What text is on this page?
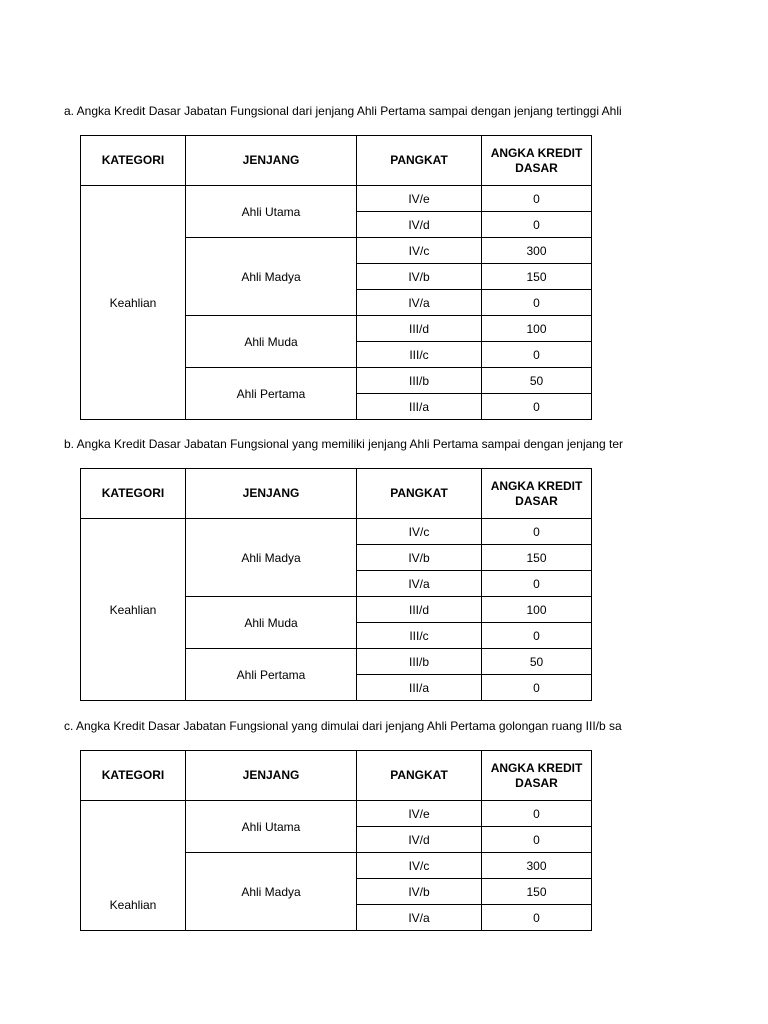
a. Angka Kredit Dasar Jabatan Fungsional dari jenjang Ahli Pertama sampai dengan jenjang tertinggi Ahli
KATEGORI	JENJANG	PANGKAT	ANGKA KREDIT
DASAR
Keahlian	Ahli Utama	IV/e	0
		IV/d	0
	Ahli Madya	IV/c	300
		IV/b	150
		IV/a	0
	Ahli Muda	III/d	100
		III/c	0
	Ahli Pertama	III/b	50
		III/a	0
b. Angka Kredit Dasar Jabatan Fungsional yang memiliki jenjang Ahli Pertama sampai dengan jenjang ter
KATEGORI	JENJANG	PANGKAT	ANGKA KREDIT
DASAR
Keahlian	Ahli Madya	IV/c	0
		IV/b	150
		IV/a	0
	Ahli Muda	III/d	100
		III/c	0
	Ahli Pertama	III/b	50
		III/a	0
c. Angka Kredit Dasar Jabatan Fungsional yang dimulai dari jenjang Ahli Pertama golongan ruang III/b sa
KATEGORI	JENJANG	PANGKAT	ANGKA KREDIT
DASAR
Keahlian	Ahli Utama	IV/e	0
		IV/d	0
	Ahli Madya	IV/c	300
		IV/b	150
		IV/a	0
